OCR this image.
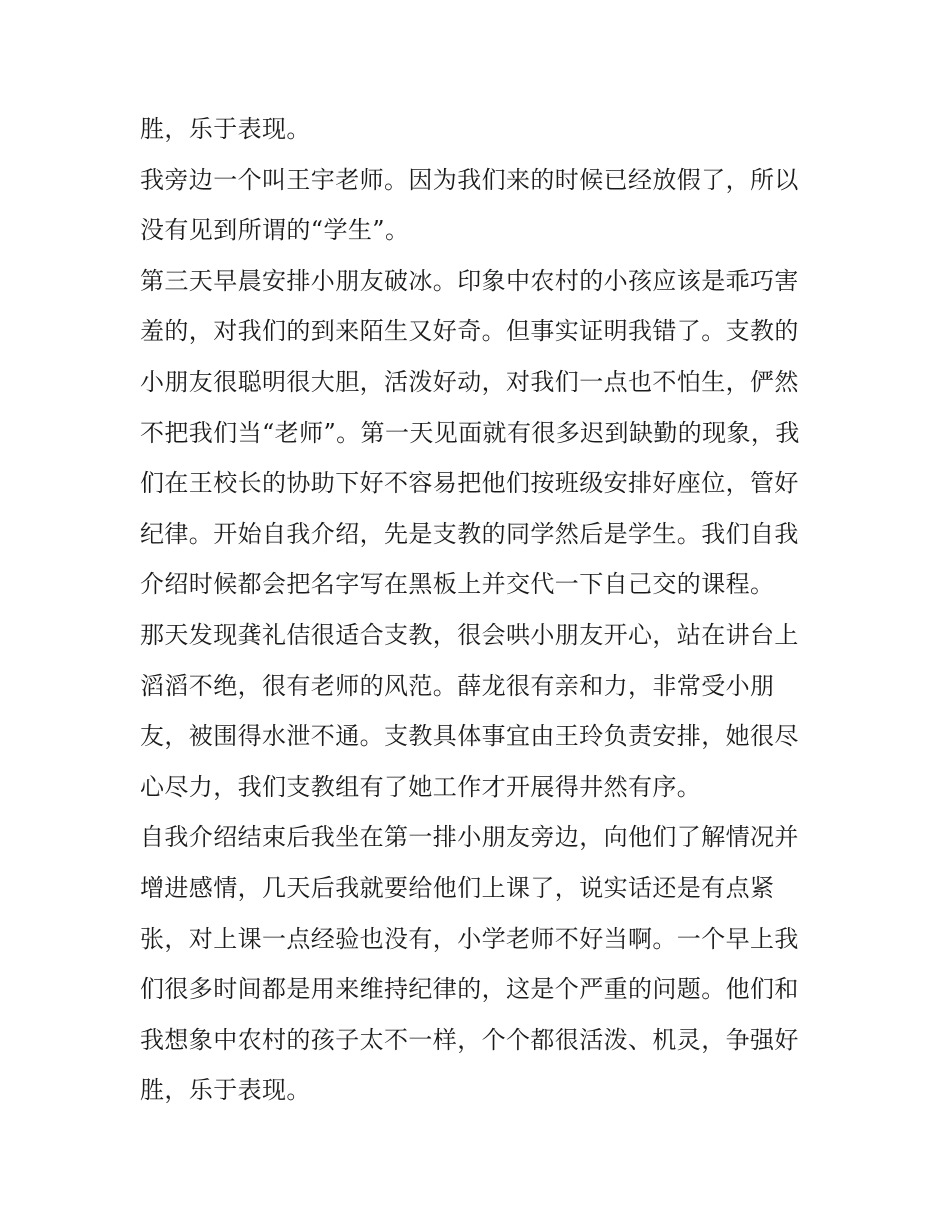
胜，乐于表现。
我旁边一个叫王宇老师。因为我们来的时候已经放假了，所以
没有见到所谓的“学生”。
第三天早晨安排小朋友破冰。印象中农村的小孩应该是乖巧害
羞的，对我们的到来陌生又好奇。但事实证明我错了。支教的
小朋友很聪明很大胆，活泼好动，对我们一点也不怕生，俨然
不把我们当“老师”。第一天见面就有很多迟到缺勤的现象，我
们在王校长的协助下好不容易把他们按班级安排好座位，管好
纪律。开始自我介绍，先是支教的同学然后是学生。我们自我
介绍时候都会把名字写在黑板上并交代一下自己交的课程。
那天发现龚礼佶很适合支教，很会哄小朋友开心，站在讲台上
滔滔不绝，很有老师的风范。薛龙很有亲和力，非常受小朋
友，被围得水泄不通。支教具体事宜由王玲负责安排，她很尽
心尽力，我们支教组有了她工作才开展得井然有序。
自我介绍结束后我坐在第一排小朋友旁边，向他们了解情况并
增进感情，几天后我就要给他们上课了，说实话还是有点紧
张，对上课一点经验也没有，小学老师不好当啊。一个早上我
们很多时间都是用来维持纪律的，这是个严重的问题。他们和
我想象中农村的孩子太不一样，个个都很活泼、机灵，争强好
胜，乐于表现。
